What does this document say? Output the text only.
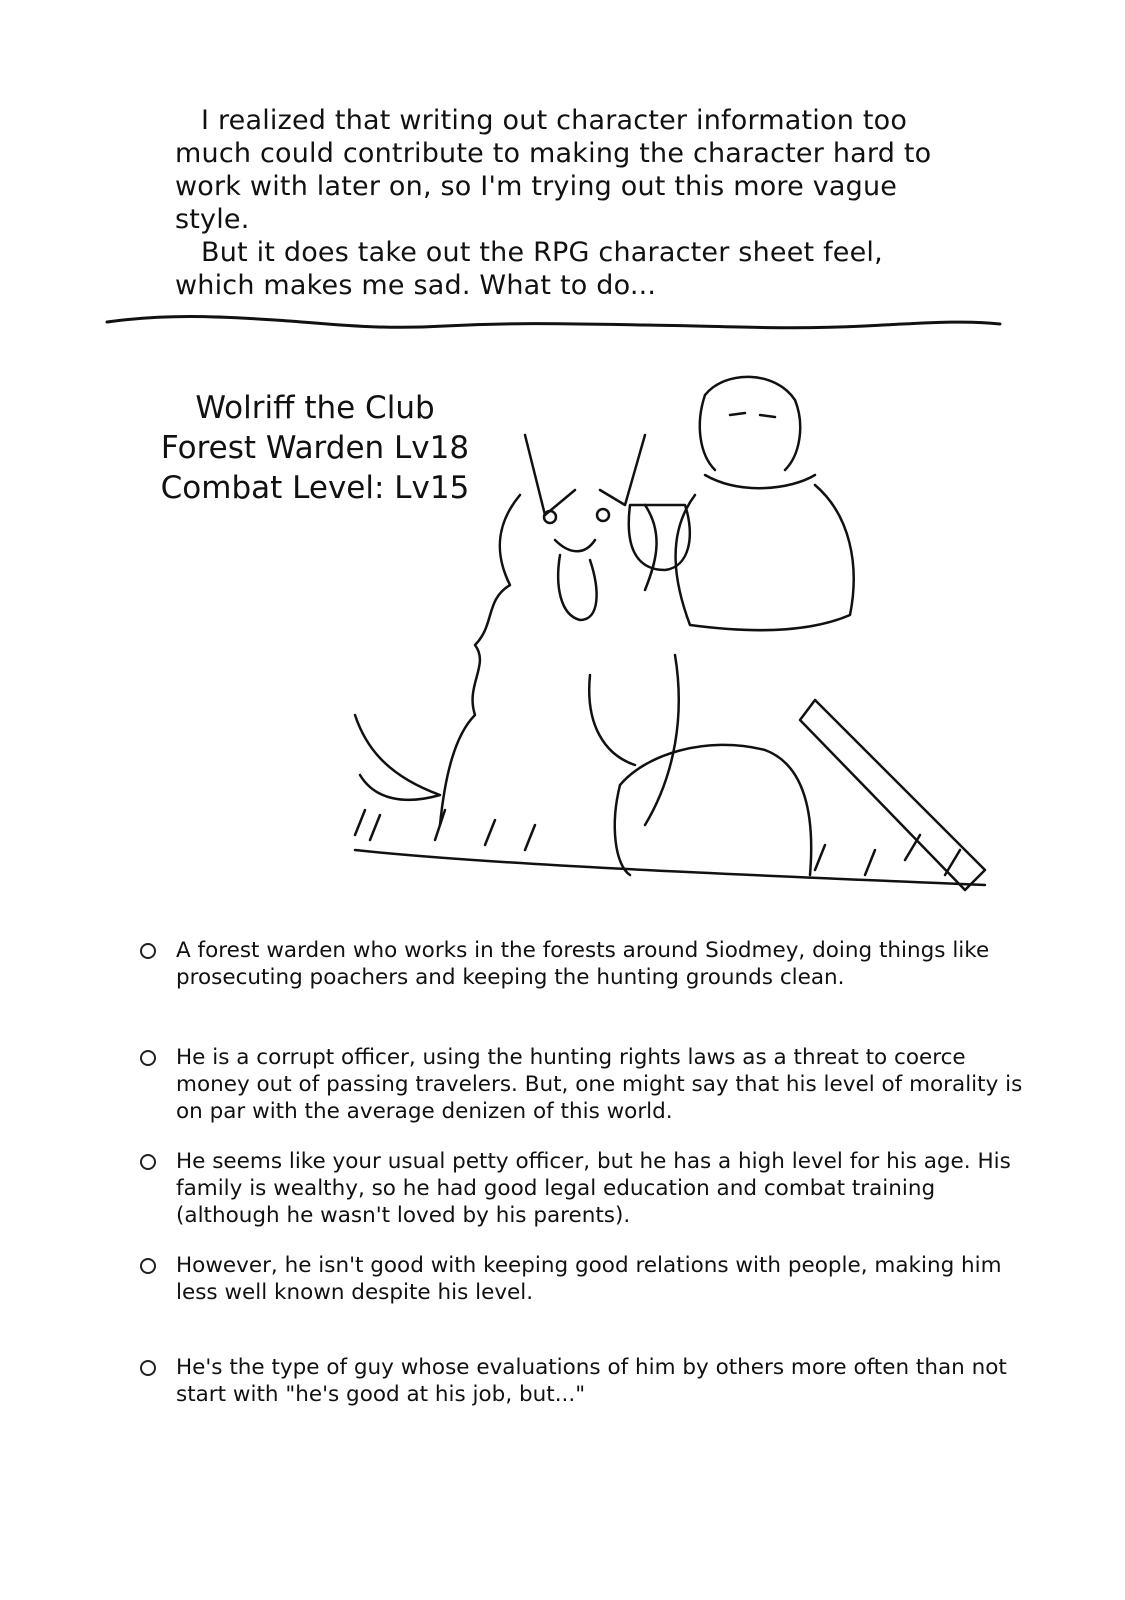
I realized that writing out character information too much could contribute to making the character hard to work with later on, so I'm trying out this more vague style.

But it does take out the RPG character sheet feel, which makes me sad. What to do...

Wolriff the Club
Forest Warden Lv18
Combat Level: Lv15
A forest warden who works in the forests around Siodmey, doing things like prosecuting poachers and keeping the hunting grounds clean.
He is a corrupt officer, using the hunting rights laws as a threat to coerce money out of passing travelers. But, one might say that his level of morality is on par with the average denizen of this world.
He seems like your usual petty officer, but he has a high level for his age. His family is wealthy, so he had good legal education and combat training (although he wasn't loved by his parents).
However, he isn't good with keeping good relations with people, making him less well known despite his level.
He's the type of guy whose evaluations of him by others more often than not start with "he's good at his job, but..."
